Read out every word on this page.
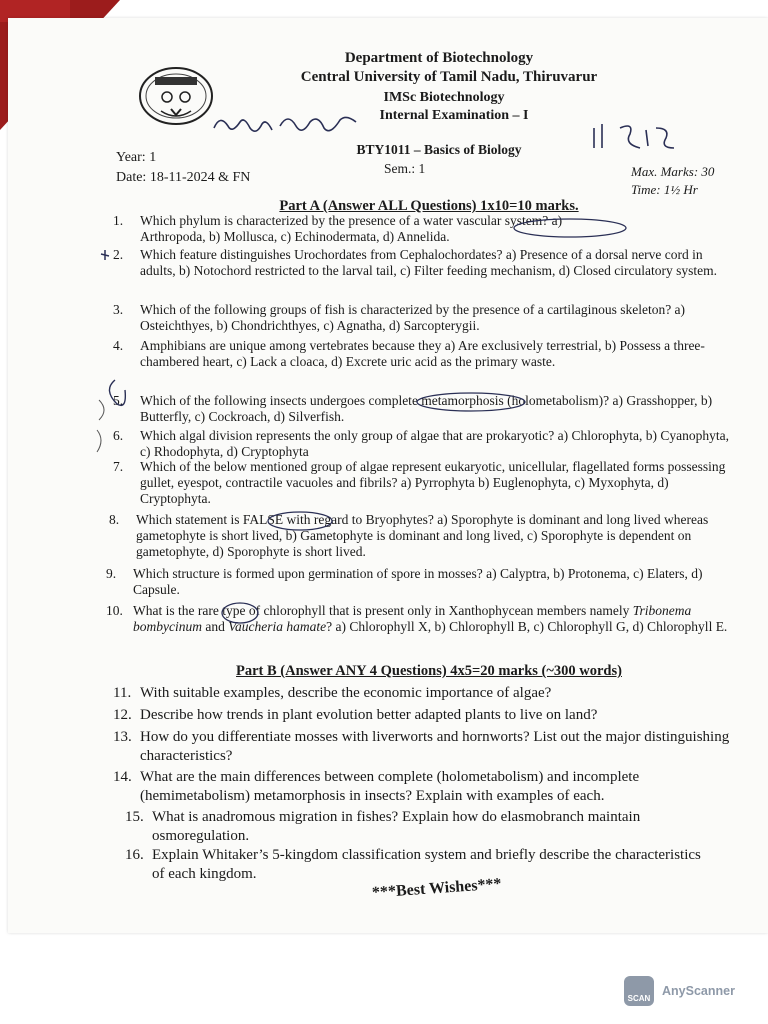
Department of Biotechnology
Central University of Tamil Nadu, Thiruvarur
IMSc Biotechnology
Internal Examination – I
BTY1011 – Basics of Biology
Sem.: 1
Year: 1
Date: 18-11-2024 & FN	Max. Marks: 30
Time: 1½ Hr
Part A (Answer ALL Questions) 1x10=10 marks.
1. Which phylum is characterized by the presence of a water vascular system? a) Arthropoda, b) Mollusca, c) Echinodermata, d) Annelida.
2. Which feature distinguishes Urochordates from Cephalochordates? a) Presence of a dorsal nerve cord in adults, b) Notochord restricted to the larval tail, c) Filter feeding mechanism, d) Closed circulatory system.
3. Which of the following groups of fish is characterized by the presence of a cartilaginous skeleton? a) Osteichthyes, b) Chondrichthyes, c) Agnatha, d) Sarcopterygii.
4. Amphibians are unique among vertebrates because they a) Are exclusively terrestrial, b) Possess a three-chambered heart, c) Lack a cloaca, d) Excrete uric acid as the primary waste.
5. Which of the following insects undergoes complete metamorphosis (holometabolism)? a) Grasshopper, b) Butterfly, c) Cockroach, d) Silverfish.
6. Which algal division represents the only group of algae that are prokaryotic? a) Chlorophyta, b) Cyanophyta, c) Rhodophyta, d) Cryptophyta
7. Which of the below mentioned group of algae represent eukaryotic, unicellular, flagellated forms possessing gullet, eyespot, contractile vacuoles and fibrils? a) Pyrrophyta b) Euglenophyta, c) Myxophyta, d) Cryptophyta.
8. Which statement is FALSE with regard to Bryophytes? a) Sporophyte is dominant and long lived whereas gametophyte is short lived, b) Gametophyte is dominant and long lived, c) Sporophyte is dependent on gametophyte, d) Sporophyte is short lived.
9. Which structure is formed upon germination of spore in mosses? a) Calyptra, b) Protonema, c) Elaters, d) Capsule.
10. What is the rare type of chlorophyll that is present only in Xanthophycean members namely Tribonema bombycinum and Vaucheria hamate? a) Chlorophyll X, b) Chlorophyll B, c) Chlorophyll G, d) Chlorophyll E.
Part B (Answer ANY 4 Questions) 4x5=20 marks (~300 words)
11. With suitable examples, describe the economic importance of algae?
12. Describe how trends in plant evolution better adapted plants to live on land?
13. How do you differentiate mosses with liverworts and hornworts? List out the major distinguishing characteristics?
14. What are the main differences between complete (holometabolism) and incomplete (hemimetabolism) metamorphosis in insects? Explain with examples of each.
15. What is anadromous migration in fishes? Explain how do elasmobranch maintain osmoregulation.
16. Explain Whitaker’s 5-kingdom classification system and briefly describe the characteristics of each kingdom.
***Best Wishes***
SCAN
AnyScanner
